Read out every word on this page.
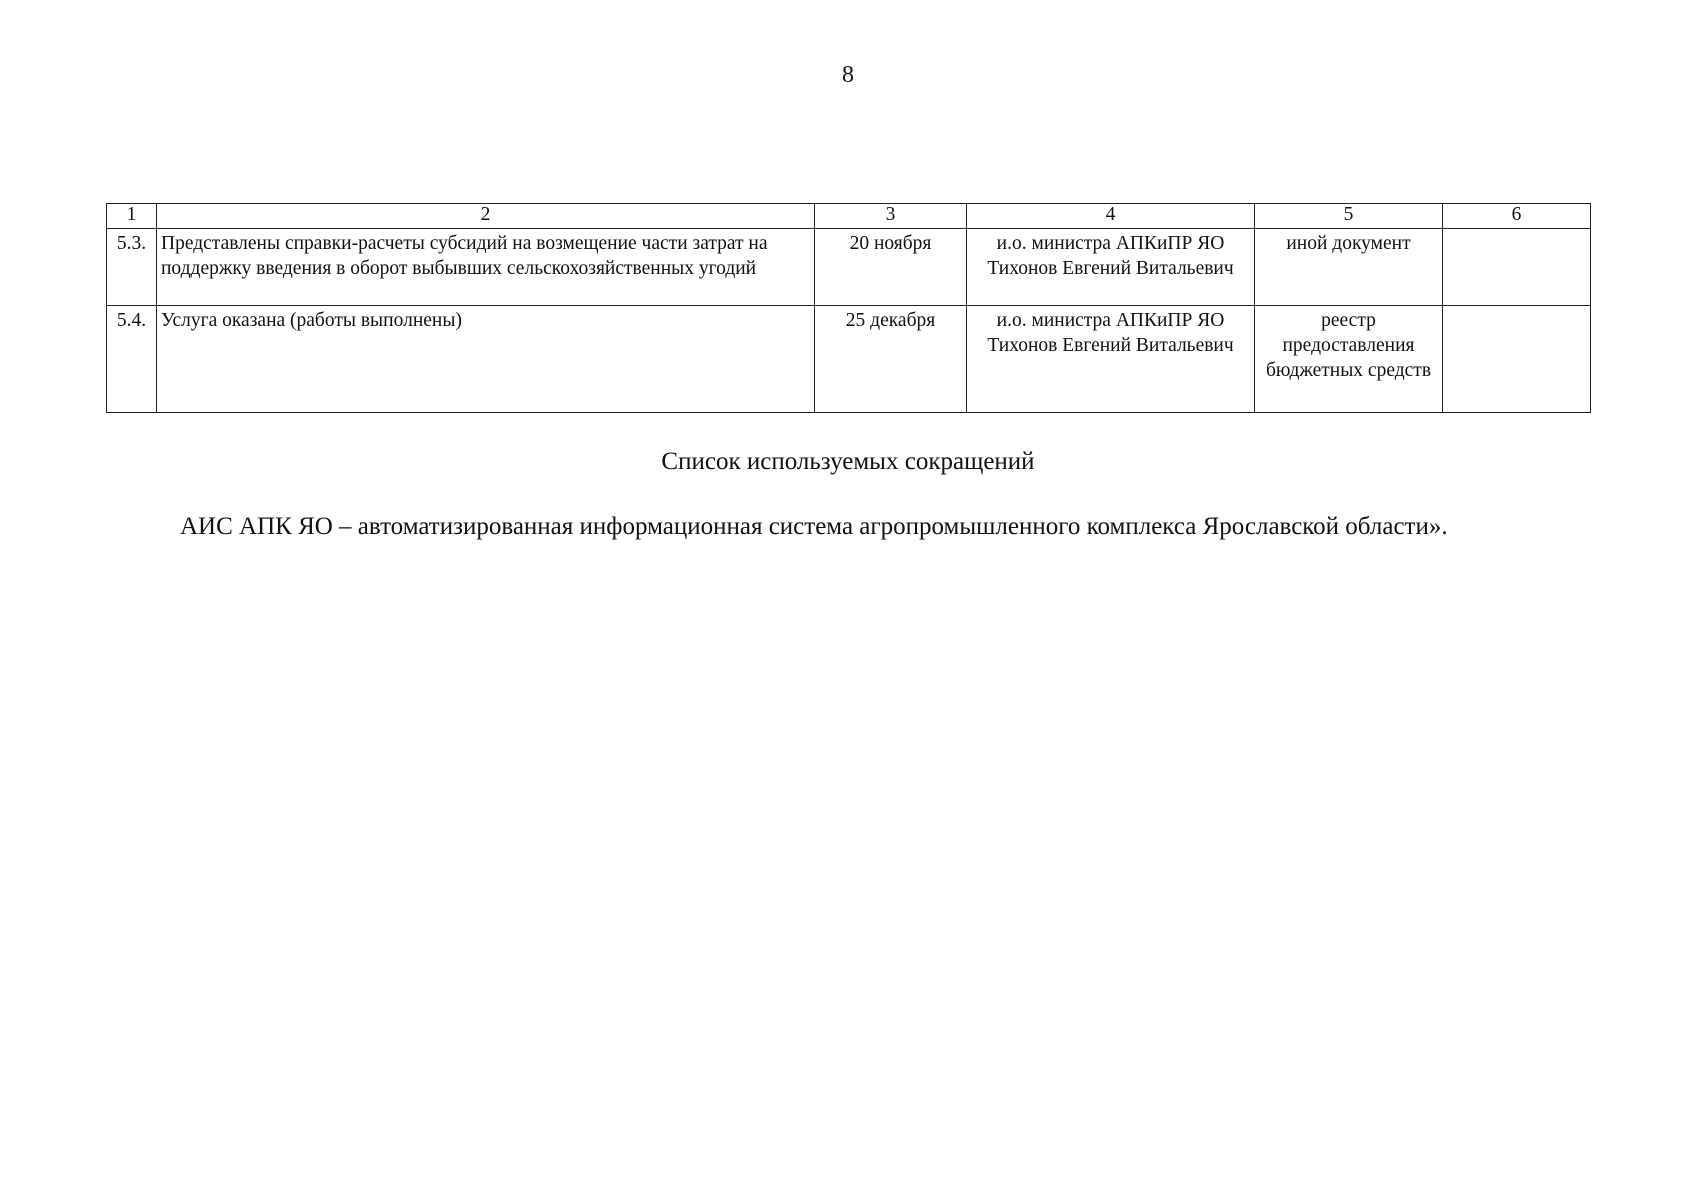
8
1	2	3	4	5	6
5.3.	Представлены справки-расчеты субсидий на возмещение части затрат на поддержку введения в оборот выбывших сельскохозяйственных угодий	20 ноября	и.о. министра АПКиПР ЯО Тихонов Евгений Витальевич	иной документ	
5.4.	Услуга оказана (работы выполнены)	25 декабря	и.о. министра АПКиПР ЯО Тихонов Евгений Витальевич	реестр предоставления бюджетных средств	
Список используемых сокращений

АИС АПК ЯО – автоматизированная информационная система агропромышленного комплекса Ярославской области».
